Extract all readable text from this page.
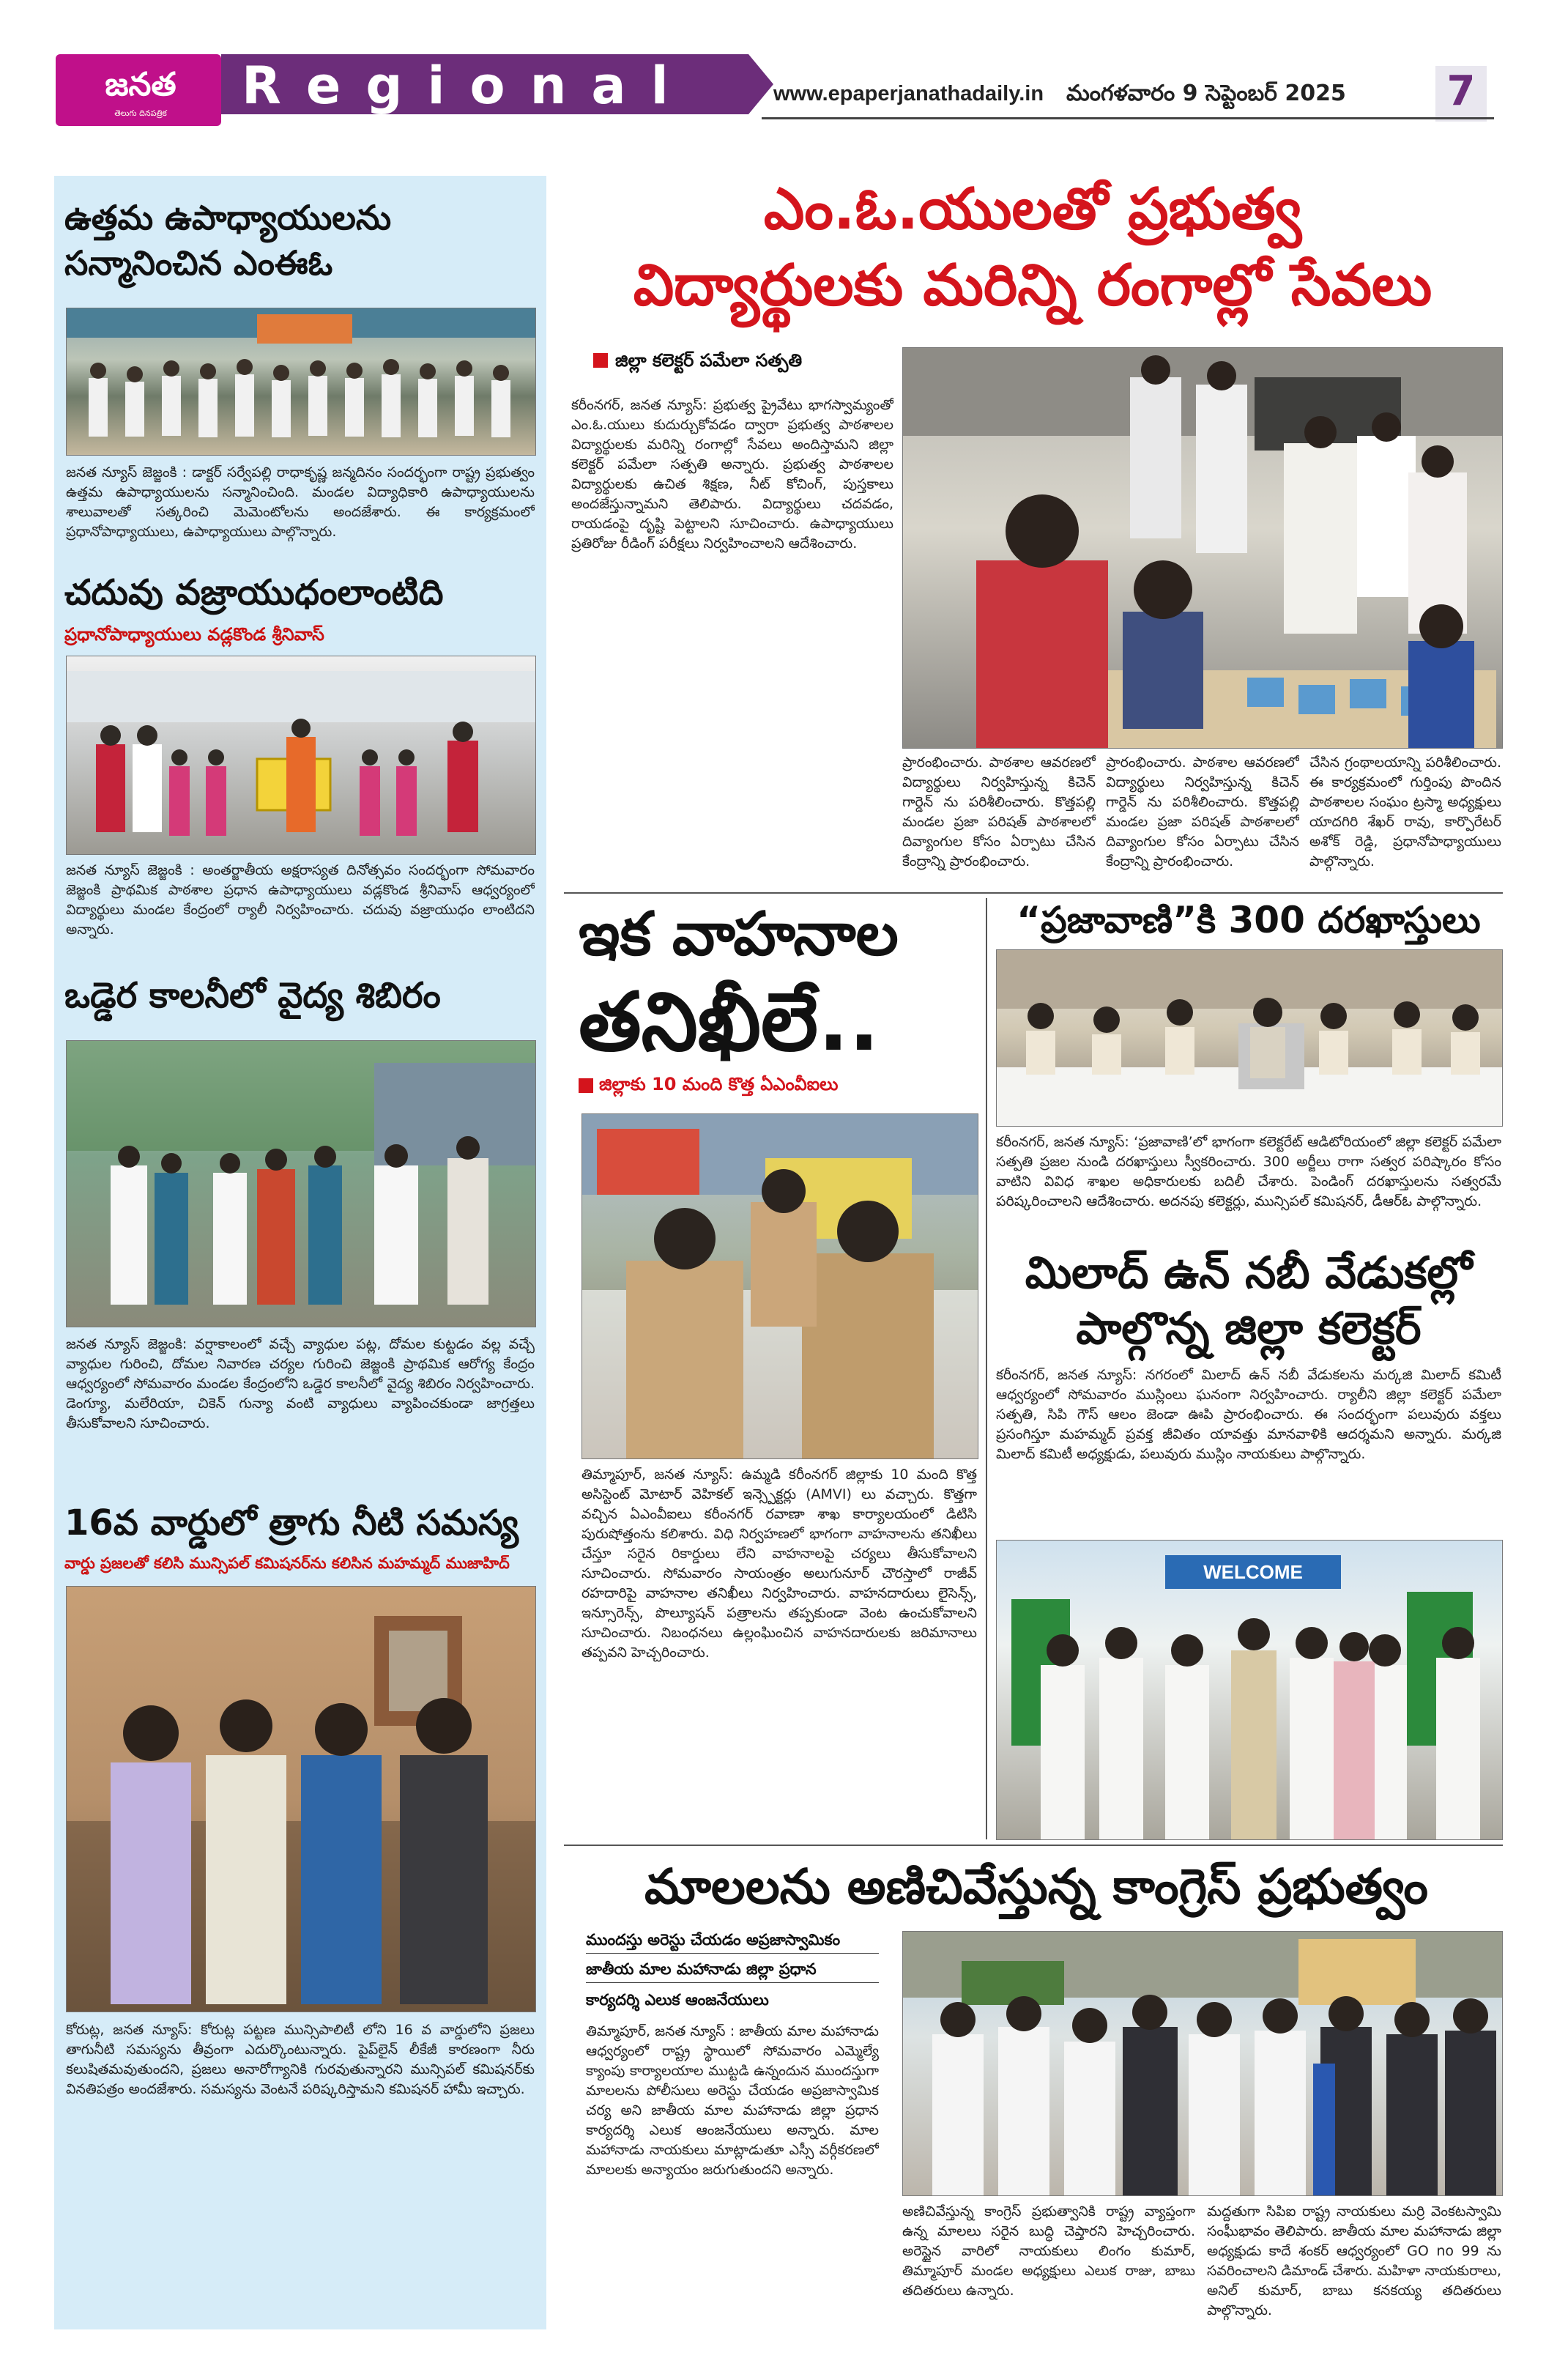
జనత
తెలుగు దినపత్రిక	Regional	www.epaperjanathadaily.in మంగళవారం 9 సెప్టెంబర్ 2025 7
ఉత్తమ ఉపాధ్యాయులను
సన్మానించిన ఎంఈఓ
జనత న్యూస్ జెజ్జంకి : డాక్టర్ సర్వేపల్లి రాధాకృష్ణ జన్మదినం సందర్భంగా రాష్ట్ర ప్రభుత్వం ఉత్తమ ఉపాధ్యాయులను సన్మానించింది. మండల విద్యాధికారి ఉపాధ్యాయులను శాలువాలతో సత్కరించి మెమెంటోలను అందజేశారు. ఈ కార్యక్రమంలో ప్రధానోపాధ్యాయులు, ఉపాధ్యాయులు పాల్గొన్నారు.
చదువు వజ్రాయుధంలాంటిది
ప్రధానోపాధ్యాయులు వడ్లకొండ శ్రీనివాస్
జనత న్యూస్ జెజ్జంకి : అంతర్జాతీయ అక్షరాస్యత దినోత్సవం సందర్భంగా సోమవారం జెజ్జంకి ప్రాథమిక పాఠశాల ప్రధాన ఉపాధ్యాయులు వడ్లకొండ శ్రీనివాస్ ఆధ్వర్యంలో విద్యార్థులు మండల కేంద్రంలో ర్యాలీ నిర్వహించారు. చదువు వజ్రాయుధం లాంటిదని అన్నారు.
ఒడ్డెర కాలనీలో వైద్య శిబిరం
జనత న్యూస్ జెజ్జంకి: వర్షాకాలంలో వచ్చే వ్యాధుల పట్ల, దోమల కుట్టడం వల్ల వచ్చే వ్యాధుల గురించి, దోమల నివారణ చర్యల గురించి జెజ్జంకి ప్రాథమిక ఆరోగ్య కేంద్రం ఆధ్వర్యంలో సోమవారం మండల కేంద్రంలోని ఒడ్డెర కాలనీలో వైద్య శిబిరం నిర్వహించారు. డెంగ్యూ, మలేరియా, చికెన్ గున్యా వంటి వ్యాధులు వ్యాపించకుండా జాగ్రత్తలు తీసుకోవాలని సూచించారు.
16వ వార్డులో త్రాగు నీటి సమస్య
వార్డు ప్రజలతో కలిసి మున్సిపల్ కమిషనర్‌ను కలిసిన మహమ్మద్ ముజాహిద్
కోరుట్ల, జనత న్యూస్: కోరుట్ల పట్టణ మున్సిపాలిటీ లోని 16 వ వార్డులోని ప్రజలు తాగునీటి సమస్యను తీవ్రంగా ఎదుర్కొంటున్నారు. పైప్‌లైన్ లీకేజీ కారణంగా నీరు కలుషితమవుతుందని, ప్రజలు అనారోగ్యానికి గురవుతున్నారని మున్సిపల్ కమిషనర్‌కు వినతిపత్రం అందజేశారు. సమస్యను వెంటనే పరిష్కరిస్తామని కమిషనర్ హామీ ఇచ్చారు.
ఎం.ఓ.యులతో ప్రభుత్వ
విద్యార్థులకు మరిన్ని రంగాల్లో సేవలు
జిల్లా కలెక్టర్ పమేలా సత్పతి
కరీంనగర్, జనత న్యూస్: ప్రభుత్వ ప్రైవేటు భాగస్వామ్యంతో ఎం.ఓ.యులు కుదుర్చుకోవడం ద్వారా ప్రభుత్వ పాఠశాలల విద్యార్థులకు మరిన్ని రంగాల్లో సేవలు అందిస్తామని జిల్లా కలెక్టర్ పమేలా సత్పతి అన్నారు. ప్రభుత్వ పాఠశాలల విద్యార్థులకు ఉచిత శిక్షణ, నీట్ కోచింగ్, పుస్తకాలు అందజేస్తున్నామని తెలిపారు. విద్యార్థులు చదవడం, రాయడంపై దృష్టి పెట్టాలని సూచించారు. ఉపాధ్యాయులు ప్రతిరోజు రీడింగ్ పరీక్షలు నిర్వహించాలని ఆదేశించారు.
ప్రారంభించారు. పాఠశాల ఆవరణలో విద్యార్థులు నిర్వహిస్తున్న కిచెన్ గార్డెన్ ను పరిశీలించారు. కొత్తపల్లి మండల ప్రజా పరిషత్ పాఠశాలలో దివ్యాంగుల కోసం ఏర్పాటు చేసిన కేంద్రాన్ని ప్రారంభించారు.
ప్రారంభించారు. పాఠశాల ఆవరణలో విద్యార్థులు నిర్వహిస్తున్న కిచెన్ గార్డెన్ ను పరిశీలించారు. కొత్తపల్లి మండల ప్రజా పరిషత్ పాఠశాలలో దివ్యాంగుల కోసం ఏర్పాటు చేసిన కేంద్రాన్ని ప్రారంభించారు.
చేసిన గ్రంథాలయాన్ని పరిశీలించారు. ఈ కార్యక్రమంలో గుర్తింపు పొందిన పాఠశాలల సంఘం ట్రస్మా అధ్యక్షులు యాదగిరి శేఖర్ రావు, కార్పొరేటర్ అశోక్ రెడ్డి, ప్రధానోపాధ్యాయులు పాల్గొన్నారు.
ఇక వాహనాల
తనిఖీలే..
జిల్లాకు 10 మంది కొత్త ఏఎంవీఐలు
తిమ్మాపూర్, జనత న్యూస్: ఉమ్మడి కరీంనగర్ జిల్లాకు 10 మంది కొత్త అసిస్టెంట్ మోటార్ వెహికల్ ఇన్స్పెక్టర్లు (AMVI) లు వచ్చారు. కొత్తగా వచ్చిన ఏఎంవీఐలు కరీంనగర్ రవాణా శాఖ కార్యాలయంలో డిటిసి పురుషోత్తంను కలిశారు. విధి నిర్వహణలో భాగంగా వాహనాలను తనిఖీలు చేస్తూ సరైన రికార్డులు లేని వాహనాలపై చర్యలు తీసుకోవాలని సూచించారు. సోమవారం సాయంత్రం అలుగునూర్ చౌరస్తాలో రాజీవ్ రహదారిపై వాహనాల తనిఖీలు నిర్వహించారు. వాహనదారులు లైసెన్స్, ఇన్సూరెన్స్, పొల్యూషన్ పత్రాలను తప్పకుండా వెంట ఉంచుకోవాలని సూచించారు. నిబంధనలు ఉల్లంఘించిన వాహనదారులకు జరిమానాలు తప్పవని హెచ్చరించారు.
“ప్రజావాణి”కి 300 దరఖాస్తులు
కరీంనగర్, జనత న్యూస్: ‘ప్రజావాణి’లో భాగంగా కలెక్టరేట్ ఆడిటోరియంలో జిల్లా కలెక్టర్ పమేలా సత్పతి ప్రజల నుండి దరఖాస్తులు స్వీకరించారు. 300 అర్జీలు రాగా సత్వర పరిష్కారం కోసం వాటిని వివిధ శాఖల అధికారులకు బదిలీ చేశారు. పెండింగ్ దరఖాస్తులను సత్వరమే పరిష్కరించాలని ఆదేశించారు. అదనపు కలెక్టర్లు, మున్సిపల్ కమిషనర్, డీఆర్‌ఓ పాల్గొన్నారు.
మిలాద్ ఉన్ నబీ వేడుకల్లో
పాల్గొన్న జిల్లా కలెక్టర్
కరీంనగర్, జనత న్యూస్: నగరంలో మిలాద్ ఉన్ నబీ వేడుకలను మర్కజి మిలాద్ కమిటీ ఆధ్వర్యంలో సోమవారం ముస్లింలు ఘనంగా నిర్వహించారు. ర్యాలీని జిల్లా కలెక్టర్ పమేలా సత్పతి, సిపి గౌస్ ఆలం జెండా ఊపి ప్రారంభించారు. ఈ సందర్భంగా పలువురు వక్తలు ప్రసంగిస్తూ మహమ్మద్ ప్రవక్త జీవితం యావత్తు మానవాళికి ఆదర్శమని అన్నారు. మర్కజి మిలాద్ కమిటీ అధ్యక్షుడు, పలువురు ముస్లిం నాయకులు పాల్గొన్నారు.
WELCOME
మాలలను అణిచివేస్తున్న కాంగ్రెస్ ప్రభుత్వం
ముందస్తు అరెస్టు చేయడం అప్రజాస్వామికం
జాతీయ మాల మహానాడు జిల్లా ప్రధాన
కార్యదర్శి ఎలుక ఆంజనేయులు
తిమ్మాపూర్, జనత న్యూస్ : జాతీయ మాల మహానాడు ఆధ్వర్యంలో రాష్ట్ర స్థాయిలో సోమవారం ఎమ్మెల్యే క్యాంపు కార్యాలయాల ముట్టడి ఉన్నందున ముందస్తుగా మాలలను పోలీసులు అరెస్టు చేయడం అప్రజాస్వామిక చర్య అని జాతీయ మాల మహానాడు జిల్లా ప్రధాన కార్యదర్శి ఎలుక ఆంజనేయులు అన్నారు. మాల మహానాడు నాయకులు మాట్లాడుతూ ఎస్సీ వర్గీకరణలో మాలలకు అన్యాయం జరుగుతుందని అన్నారు.
అణిచివేస్తున్న కాంగ్రెస్ ప్రభుత్వానికి రాష్ట్ర వ్యాప్తంగా ఉన్న మాలలు సరైన బుద్ధి చెప్తారని హెచ్చరించారు. అరెస్టైన వారిలో నాయకులు లింగం కుమార్, తిమ్మాపూర్ మండల అధ్యక్షులు ఎలుక రాజు, బాబు తదితరులు ఉన్నారు.
మద్దతుగా సిపిఐ రాష్ట్ర నాయకులు మర్రి వెంకటస్వామి సంఘీభావం తెలిపారు. జాతీయ మాల మహానాడు జిల్లా అధ్యక్షుడు కాదే శంకర్ ఆధ్వర్యంలో GO no 99 ను సవరించాలని డిమాండ్ చేశారు. మహిళా నాయకురాలు, అనిల్ కుమార్, బాబు కనకయ్య తదితరులు పాల్గొన్నారు.
